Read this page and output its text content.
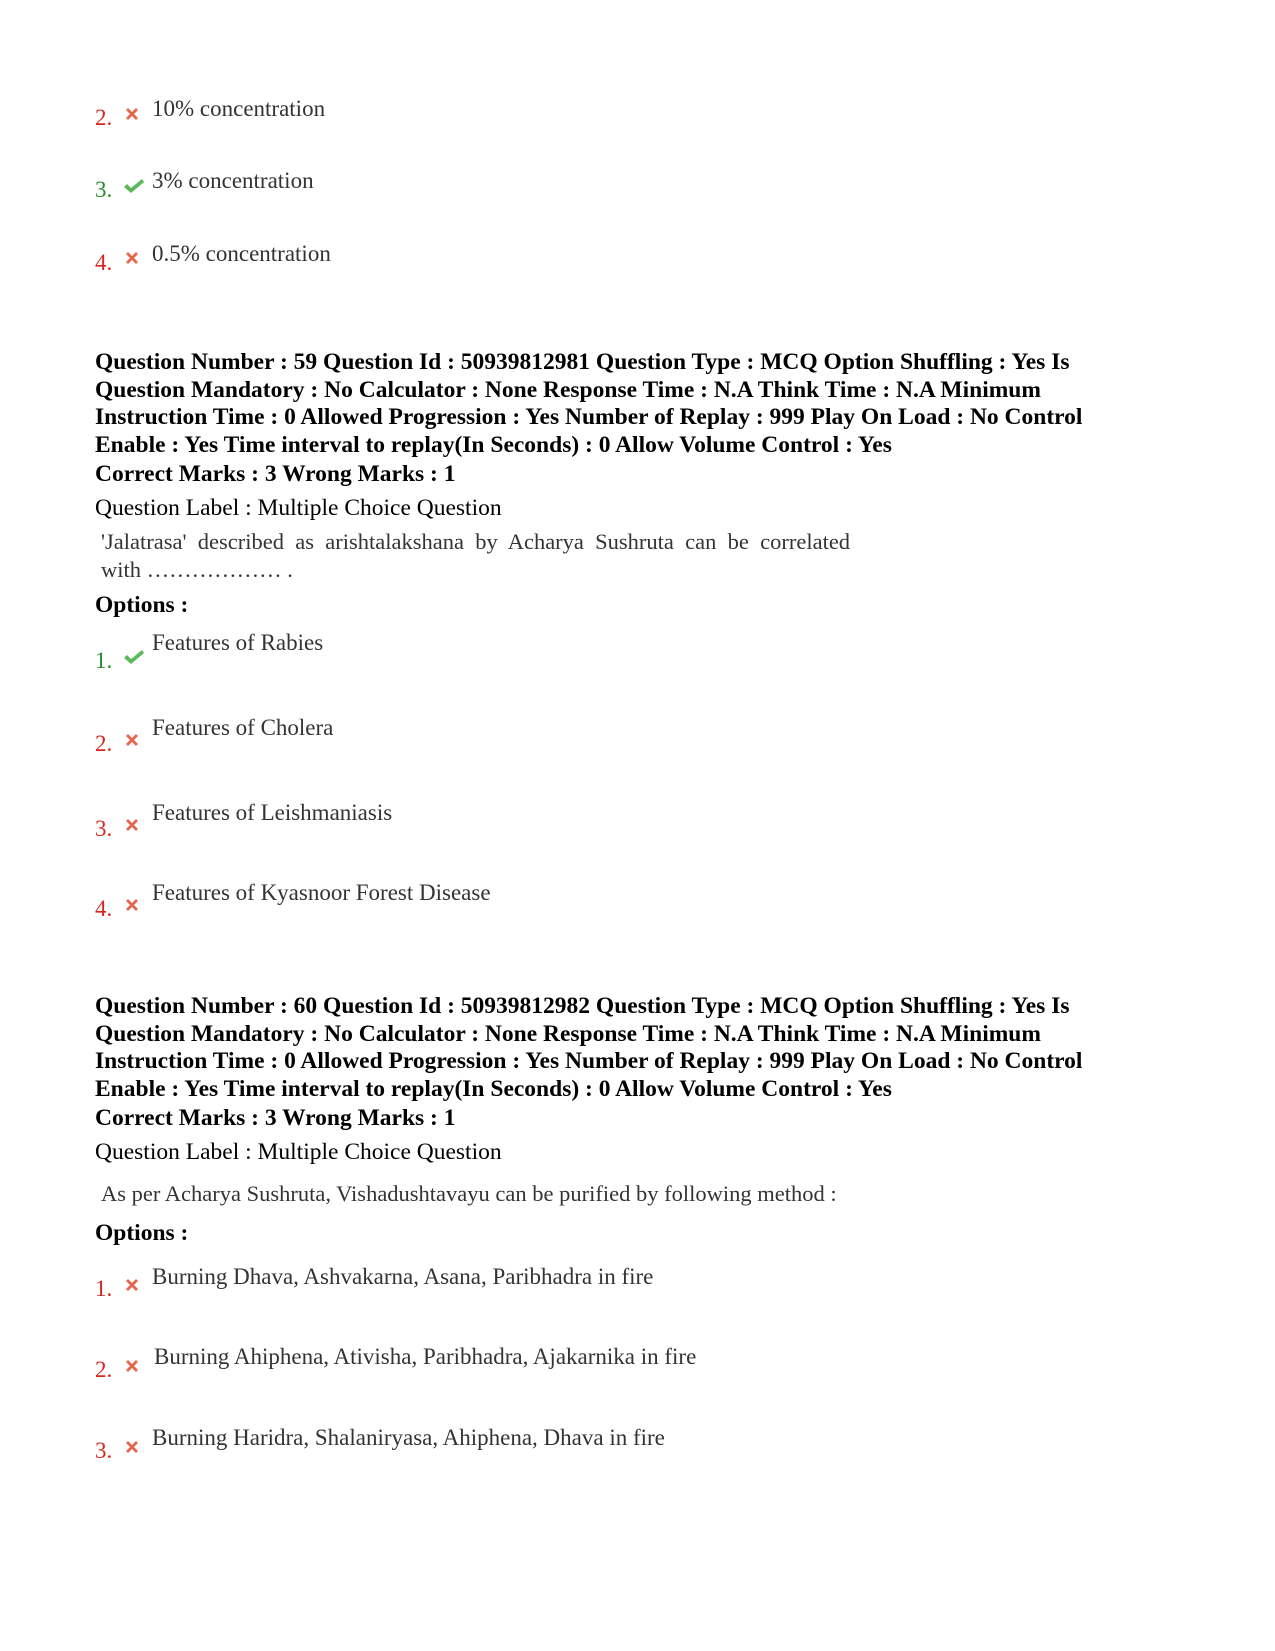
2. 10% concentration
3. 3% concentration
4. 0.5% concentration
Question Number : 59 Question Id : 50939812981 Question Type : MCQ Option Shuffling : Yes Is
Question Mandatory : No Calculator : None Response Time : N.A Think Time : N.A Minimum
Instruction Time : 0 Allowed Progression : Yes Number of Replay : 999 Play On Load : No Control
Enable : Yes Time interval to replay(In Seconds) : 0 Allow Volume Control : Yes
Correct Marks : 3 Wrong Marks : 1
Question Label : Multiple Choice Question
'Jalatrasa'  described  as  arishtalakshana  by  Acharya  Sushruta  can  be  correlated
with ……………… .
Options :
1.
Features of Rabies
2.
Features of Cholera
3.
Features of Leishmaniasis
4.
Features of Kyasnoor Forest Disease
Question Number : 60 Question Id : 50939812982 Question Type : MCQ Option Shuffling : Yes Is
Question Mandatory : No Calculator : None Response Time : N.A Think Time : N.A Minimum
Instruction Time : 0 Allowed Progression : Yes Number of Replay : 999 Play On Load : No Control
Enable : Yes Time interval to replay(In Seconds) : 0 Allow Volume Control : Yes
Correct Marks : 3 Wrong Marks : 1
Question Label : Multiple Choice Question
As per Acharya Sushruta, Vishadushtavayu can be purified by following method :
Options :
1. Burning Dhava, Ashvakarna, Asana, Paribhadra in fire
2.
Burning Ahiphena, Ativisha, Paribhadra, Ajakarnika in fire
3.
Burning Haridra, Shalaniryasa, Ahiphena, Dhava in fire
